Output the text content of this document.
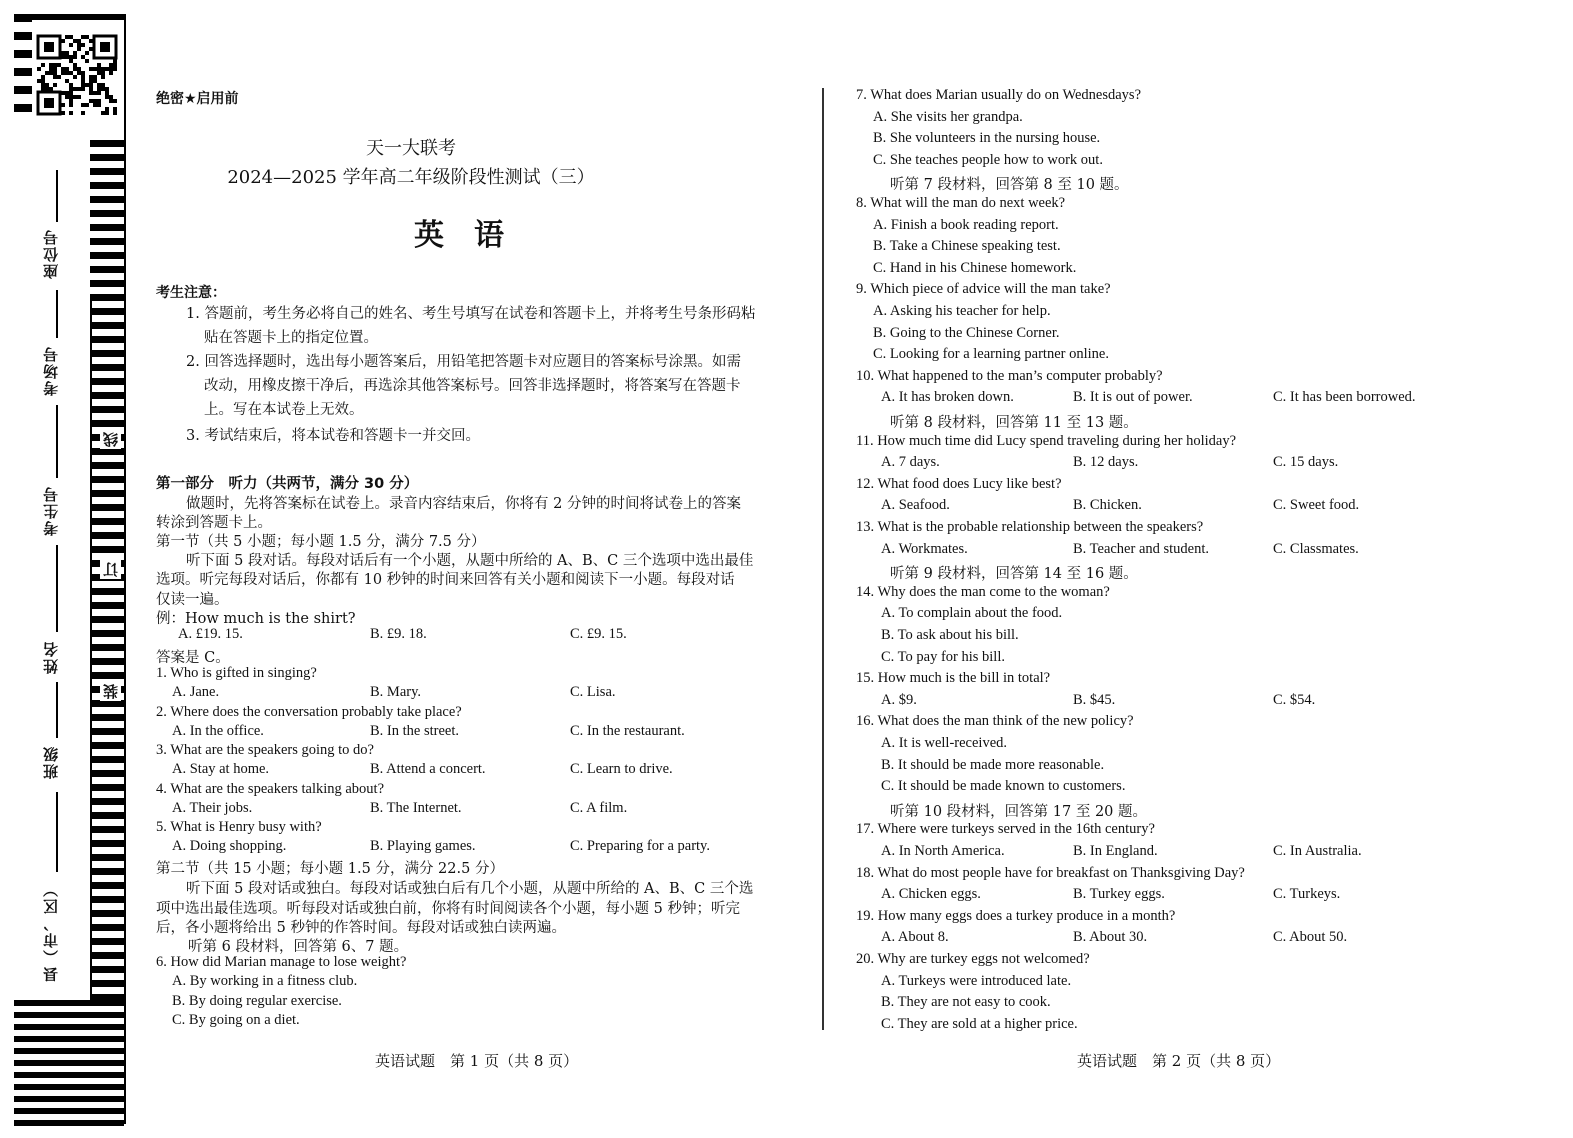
座位号
考场号
考生号
姓名
班级
县（市、区）
线
订
装
绝密★启用前
天一大联考
2024—2025 学年高二年级阶段性测试（三）
英语
考生注意：
1. 答题前，考生务必将自己的姓名、考生号填写在试卷和答题卡上，并将考生号条形码粘
贴在答题卡上的指定位置。
2. 回答选择题时，选出每小题答案后，用铅笔把答题卡对应题目的答案标号涂黑。如需
改动，用橡皮擦干净后，再选涂其他答案标号。回答非选择题时，将答案写在答题卡
上。写在本试卷上无效。
3. 考试结束后，将本试卷和答题卡一并交回。
第一部分　听力（共两节，满分 30 分）
做题时，先将答案标在试卷上。录音内容结束后，你将有 2 分钟的时间将试卷上的答案
转涂到答题卡上。
第一节（共 5 小题；每小题 1.5 分，满分 7.5 分）
听下面 5 段对话。每段对话后有一个小题，从题中所给的 A、B、C 三个选项中选出最佳
选项。听完每段对话后，你都有 10 秒钟的时间来回答有关小题和阅读下一小题。每段对话
仅读一遍。
例：How much is the shirt?
A. £19. 15.	B. £9. 18.	C. £9. 15.
答案是 C。
1. Who is gifted in singing?
A. Jane.	B. Mary.	C. Lisa.
2. Where does the conversation probably take place?
A. In the office.	B. In the street.	C. In the restaurant.
3. What are the speakers going to do?
A. Stay at home.	B. Attend a concert.	C. Learn to drive.
4. What are the speakers talking about?
A. Their jobs.	B. The Internet.	C. A film.
5. What is Henry busy with?
A. Doing shopping.	B. Playing games.	C. Preparing for a party.
第二节（共 15 小题；每小题 1.5 分，满分 22.5 分）
听下面 5 段对话或独白。每段对话或独白后有几个小题，从题中所给的 A、B、C 三个选
项中选出最佳选项。听每段对话或独白前，你将有时间阅读各个小题，每小题 5 秒钟；听完
后，各小题将给出 5 秒钟的作答时间。每段对话或独白读两遍。
听第 6 段材料，回答第 6、7 题。
6. How did Marian manage to lose weight?
A. By working in a fitness club.
B. By doing regular exercise.
C. By going on a diet.
7. What does Marian usually do on Wednesdays?
A. She visits her grandpa.
B. She volunteers in the nursing house.
C. She teaches people how to work out.
听第 7 段材料，回答第 8 至 10 题。
8. What will the man do next week?
A. Finish a book reading report.
B. Take a Chinese speaking test.
C. Hand in his Chinese homework.
9. Which piece of advice will the man take?
A. Asking his teacher for help.
B. Going to the Chinese Corner.
C. Looking for a learning partner online.
10. What happened to the man’s computer probably?
A. It has broken down.	B. It is out of power.	C. It has been borrowed.
听第 8 段材料，回答第 11 至 13 题。
11. How much time did Lucy spend traveling during her holiday?
A. 7 days.	B. 12 days.	C. 15 days.
12. What food does Lucy like best?
A. Seafood.	B. Chicken.	C. Sweet food.
13. What is the probable relationship between the speakers?
A. Workmates.	B. Teacher and student.	C. Classmates.
听第 9 段材料，回答第 14 至 16 题。
14. Why does the man come to the woman?
A. To complain about the food.
B. To ask about his bill.
C. To pay for his bill.
15. How much is the bill in total?
A. $9.	B. $45.	C. $54.
16. What does the man think of the new policy?
A. It is well-received.
B. It should be made more reasonable.
C. It should be made known to customers.
听第 10 段材料，回答第 17 至 20 题。
17. Where were turkeys served in the 16th century?
A. In North America.	B. In England.	C. In Australia.
18. What do most people have for breakfast on Thanksgiving Day?
A. Chicken eggs.	B. Turkey eggs.	C. Turkeys.
19. How many eggs does a turkey produce in a month?
A. About 8.	B. About 30.	C. About 50.
20. Why are turkey eggs not welcomed?
A. Turkeys were introduced late.
B. They are not easy to cook.
C. They are sold at a higher price.
英语试题　第 1 页（共 8 页）	英语试题　第 2 页（共 8 页）
